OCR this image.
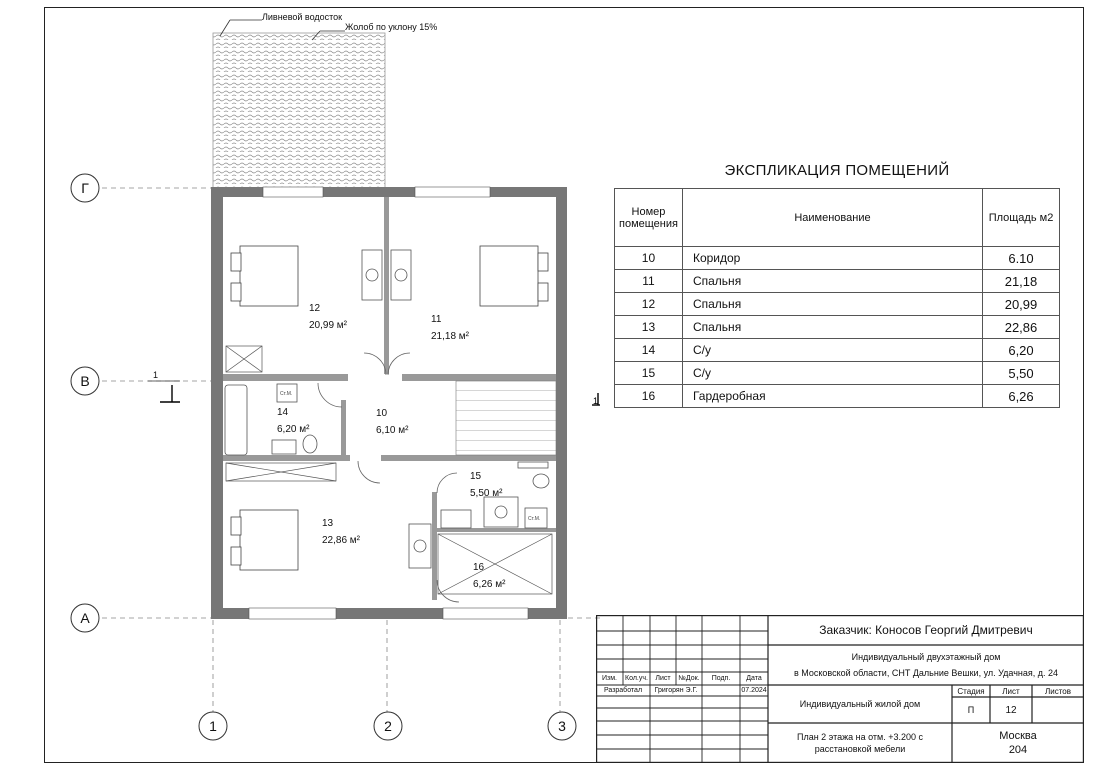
Г
В
А
1	2	3
1
Ливневой водосток
Жолоб по уклону 15%
1
12
20,99 м²
11
21,18 м²
14
6,20 м²
10
6,10 м²
15
5,50 м²
13
22,86 м²
16
6,26 м²
Ст.М.
Ст.М.
ЭКСПЛИКАЦИЯ ПОМЕЩЕНИЙ
Номер помещения	Наименование	Площадь м2
10	Коридор	6.10
11	Спальня	21,18
12	Спальня	20,99
13	Спальня	22,86
14	С/у	6,20
15	С/у	5,50
16	Гардеробная	6,26
Изм.	Кол.уч.	Лист	№Док.	Подп.	Дата
Разработал	Григорян Э.Г.	07.2024
Заказчик: Коносов Георгий Дмитревич
Индивидуальный двухэтажный дом
в Московской области, СНТ Дальние Вешки, ул. Удачная, д. 24
Индивидуальный жилой дом
Стадия	Лист	Листов
П	12
План 2 этажа на отм. +3.200 с расстановкой мебели
Москва
204
